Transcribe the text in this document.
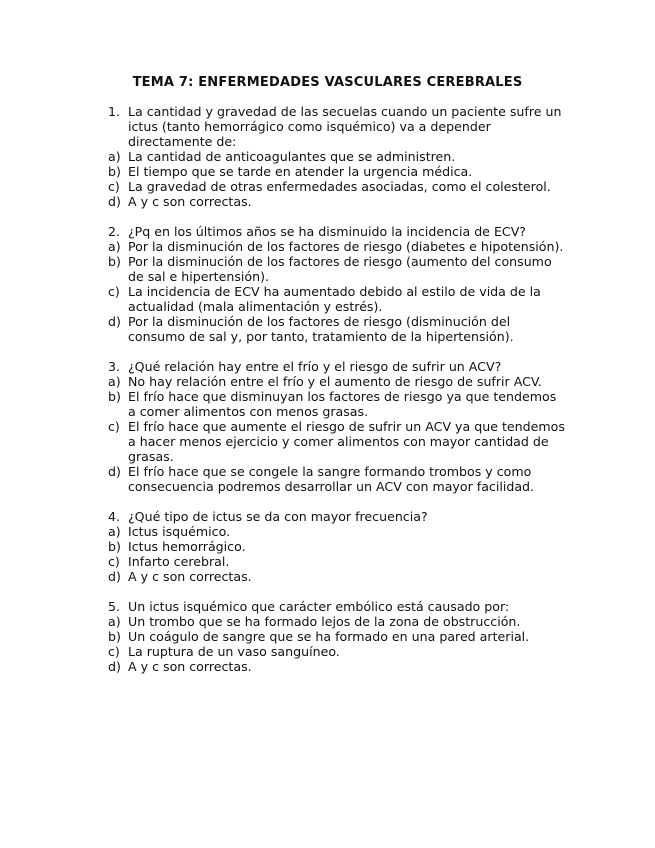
TEMA 7: ENFERMEDADES VASCULARES CEREBRALES
1. La cantidad y gravedad de las secuelas cuando un paciente sufre un ictus (tanto hemorrágico como isquémico) va a depender directamente de:
a) La cantidad de anticoagulantes que se administren.
b) El tiempo que se tarde en atender la urgencia médica.
c) La gravedad de otras enfermedades asociadas, como el colesterol.
d) A y c son correctas.
2. ¿Pq en los últimos años se ha disminuido la incidencia de ECV?
a) Por la disminución de los factores de riesgo (diabetes e hipotensión).
b) Por la disminución de los factores de riesgo (aumento del consumo de sal e hipertensión).
c) La incidencia de ECV ha aumentado debido al estilo de vida de la actualidad (mala alimentación y estrés).
d) Por la disminución de los factores de riesgo (disminución del consumo de sal y, por tanto, tratamiento de la hipertensión).
3. ¿Qué relación hay entre el frío y el riesgo de sufrir un ACV?
a) No hay relación entre el frío y el aumento de riesgo de sufrir ACV.
b) El frío hace que disminuyan los factores de riesgo ya que tendemos a comer alimentos con menos grasas.
c) El frío hace que aumente el riesgo de sufrir un ACV ya que tendemos a hacer menos ejercicio y comer alimentos con mayor cantidad de grasas.
d) El frío hace que se congele la sangre formando trombos y como consecuencia podremos desarrollar un ACV con mayor facilidad.
4. ¿Qué tipo de ictus se da con mayor frecuencia?
a) Ictus isquémico.
b) Ictus hemorrágico.
c) Infarto cerebral.
d) A y c son correctas.
5. Un ictus isquémico que carácter embólico está causado por:
a) Un trombo que se ha formado lejos de la zona de obstrucción.
b) Un coágulo de sangre que se ha formado en una pared arterial.
c) La ruptura de un vaso sanguíneo.
d) A y c son correctas.
